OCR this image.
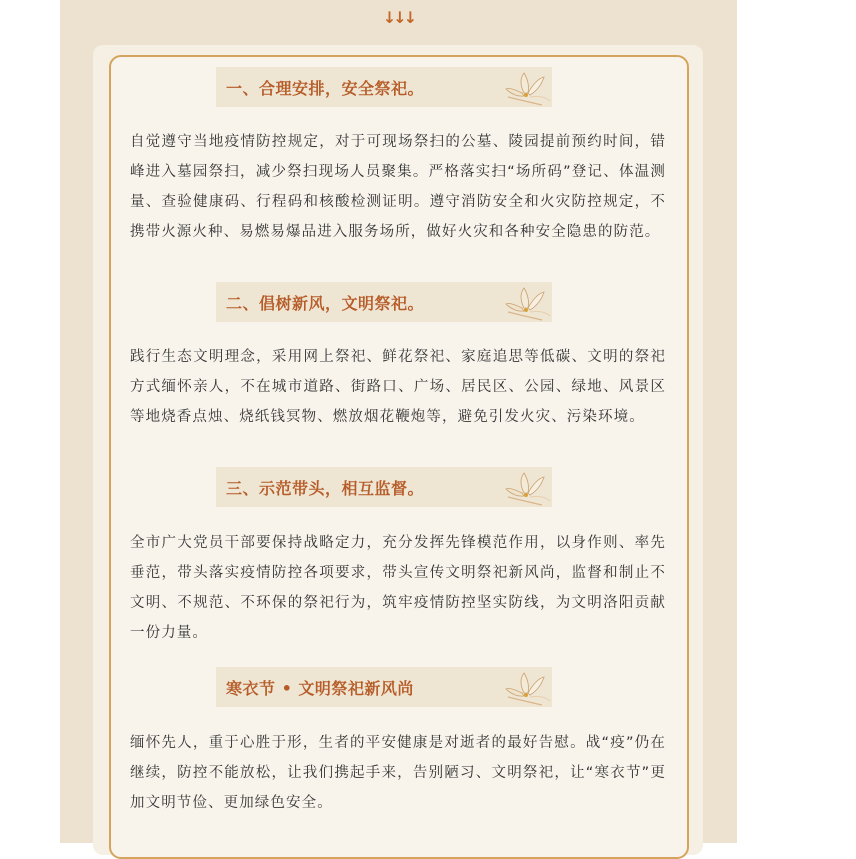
↓↓↓
一、合理安排，安全祭祀。
自觉遵守当地疫情防控规定，对于可现场祭扫的公墓、陵园提前预约时间，错峰进入墓园祭扫，减少祭扫现场人员聚集。严格落实扫“场所码”登记、体温测量、查验健康码、行程码和核酸检测证明。遵守消防安全和火灾防控规定，不携带火源火种、易燃易爆品进入服务场所，做好火灾和各种安全隐患的防范。
二、倡树新风，文明祭祀。
践行生态文明理念，采用网上祭祀、鲜花祭祀、家庭追思等低碳、文明的祭祀方式缅怀亲人，不在城市道路、街路口、广场、居民区、公园、绿地、风景区等地烧香点烛、烧纸钱冥物、燃放烟花鞭炮等，避免引发火灾、污染环境。
三、示范带头，相互监督。
全市广大党员干部要保持战略定力，充分发挥先锋模范作用，以身作则、率先垂范，带头落实疫情防控各项要求，带头宣传文明祭祀新风尚，监督和制止不文明、不规范、不环保的祭祀行为，筑牢疫情防控坚实防线，为文明洛阳贡献一份力量。
寒衣节 • 文明祭祀新风尚
缅怀先人，重于心胜于形，生者的平安健康是对逝者的最好告慰。战“疫”仍在继续，防控不能放松，让我们携起手来，告别陋习、文明祭祀，让“寒衣节”更加文明节俭、更加绿色安全。
